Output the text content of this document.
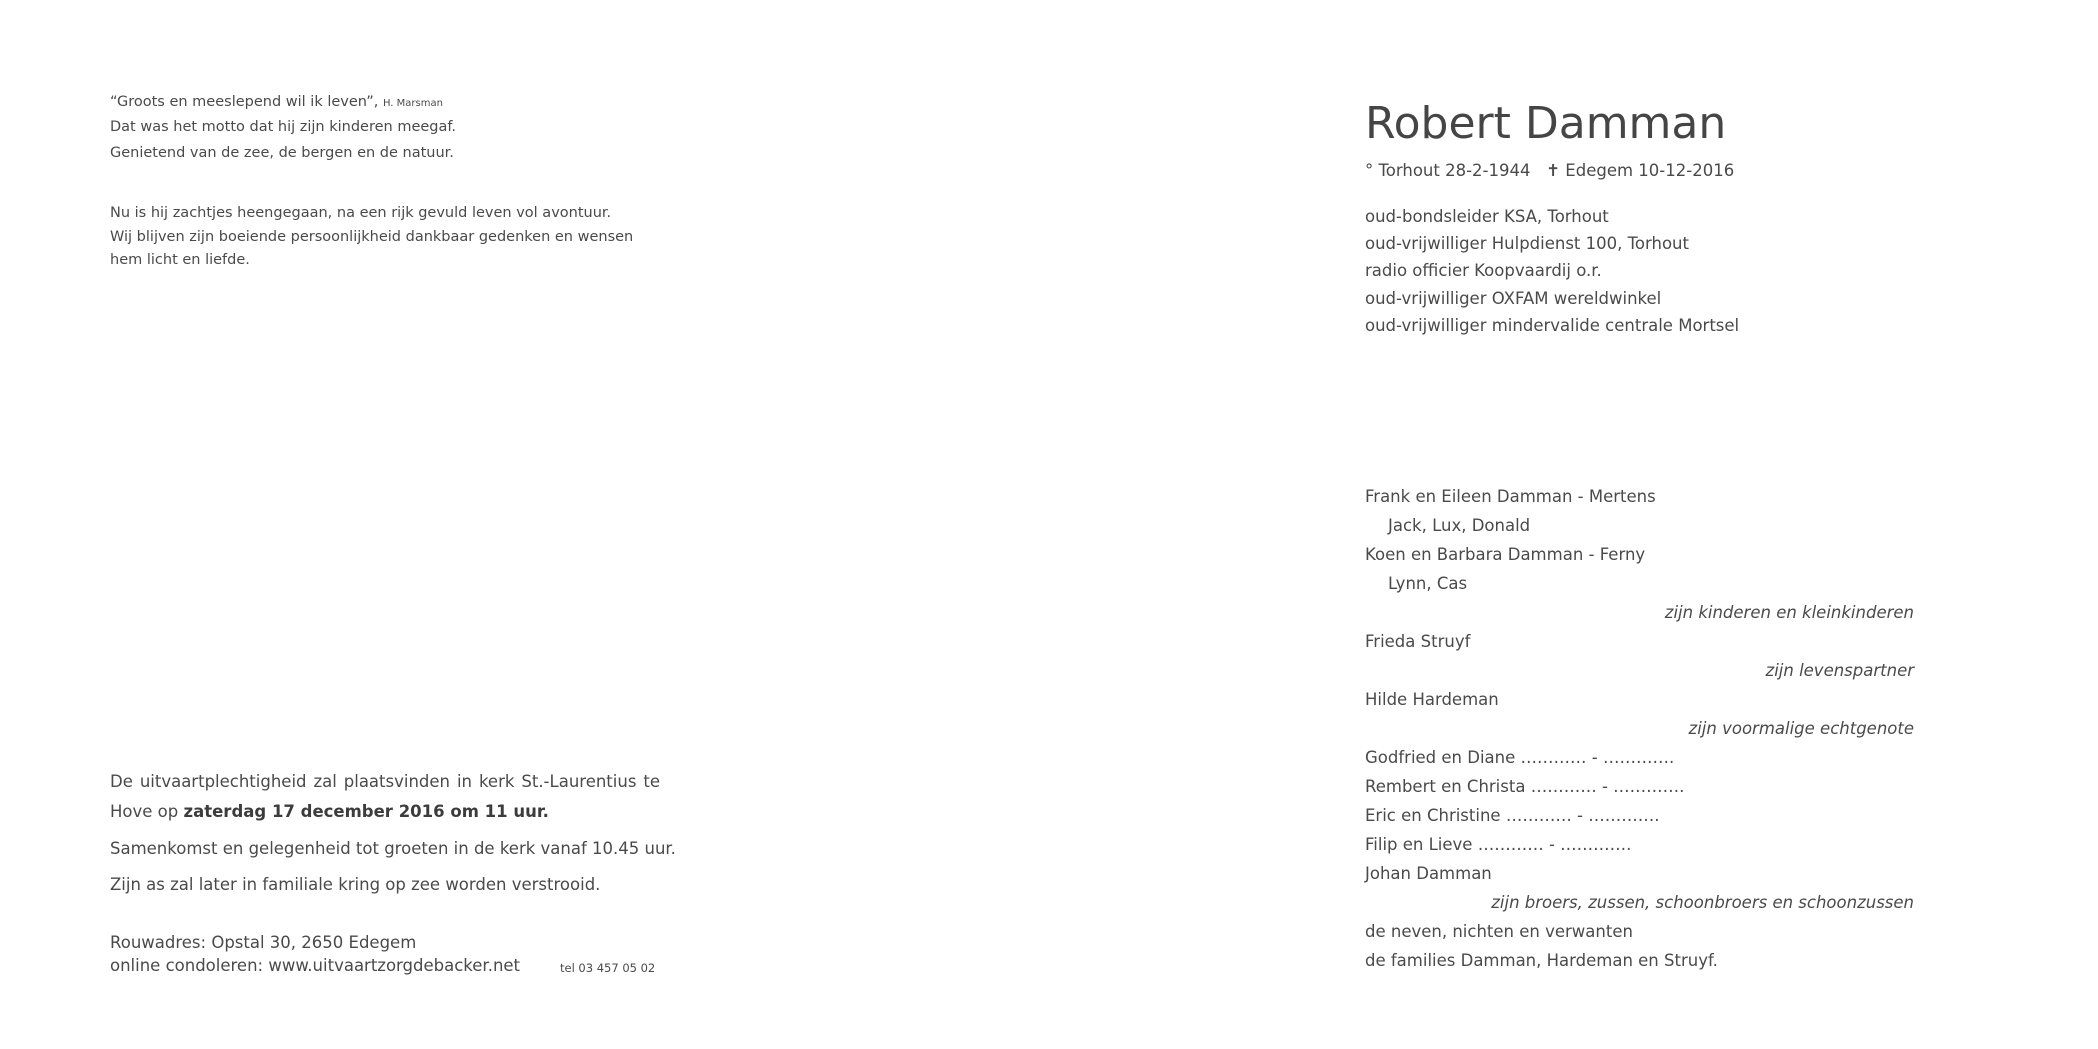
“Groots en meeslepend wil ik leven”, H. Marsman
Dat was het motto dat hij zijn kinderen meegaf.
Genietend van de zee, de bergen en de natuur.
Nu is hij zachtjes heengegaan, na een rijk gevuld leven vol avontuur.
Wij blijven zijn boeiende persoonlijkheid dankbaar gedenken en wensen
hem licht en liefde.
De uitvaartplechtigheid zal plaatsvinden in kerk St.-Laurentius te Hove op zaterdag 17 december 2016 om 11 uur.
Samenkomst en gelegenheid tot groeten in de kerk vanaf 10.45 uur.
Zijn as zal later in familiale kring op zee worden verstrooid.
Rouwadres: Opstal 30, 2650 Edegem
online condoleren: www.uitvaartzorgdebacker.net	tel 03 457 05 02
Robert Damman
° Torhout 28-2-1944 ✝ Edegem 10-12-2016
oud-bondsleider KSA, Torhout
oud-vrijwilliger Hulpdienst 100, Torhout
radio officier Koopvaardij o.r.
oud-vrijwilliger OXFAM wereldwinkel
oud-vrijwilliger mindervalide centrale Mortsel
Frank en Eileen Damman - Mertens
Jack, Lux, Donald
Koen en Barbara Damman - Ferny
Lynn, Cas
zijn kinderen en kleinkinderen
Frieda Struyf
zijn levenspartner
Hilde Hardeman
zijn voormalige echtgenote
Godfried en Diane ………… - ………….
Rembert en Christa ………… - ………….
Eric en Christine ………… - ………….
Filip en Lieve ………… - ………….
Johan Damman
zijn broers, zussen, schoonbroers en schoonzussen
de neven, nichten en verwanten
de families Damman, Hardeman en Struyf.
